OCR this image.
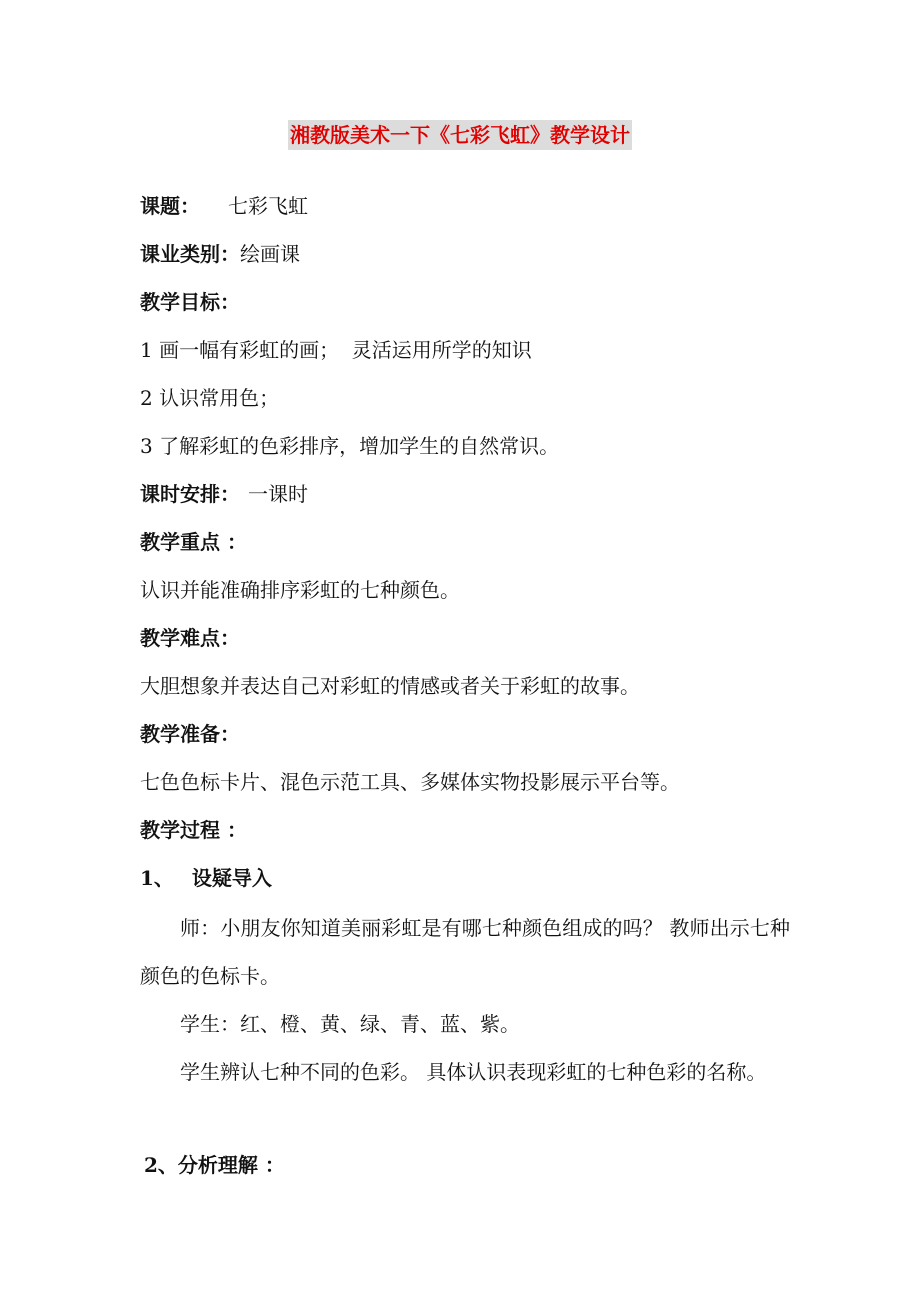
湘教版美术一下《七彩飞虹》教学设计
课题： 七彩飞虹
课业类别：绘画课
教学目标：
1 画一幅有彩虹的画；  灵活运用所学的知识
2 认识常用色；
3 了解彩虹的色彩排序，增加学生的自然常识。
课时安排： 一课时
教学重点 ：
认识并能准确排序彩虹的七种颜色。
教学难点：
大胆想象并表达自己对彩虹的情感或者关于彩虹的故事。
教学准备：
七色色标卡片、混色示范工具、多媒体实物投影展示平台等。
教学过程 ：
1、 设疑导入
师：小朋友你知道美丽彩虹是有哪七种颜色组成的吗？ 教师出示七种颜色的色标卡。
学生：红、橙、黄、绿、青、蓝、紫。
学生辨认七种不同的色彩。 具体认识表现彩虹的七种色彩的名称。
2、分析理解 ：
